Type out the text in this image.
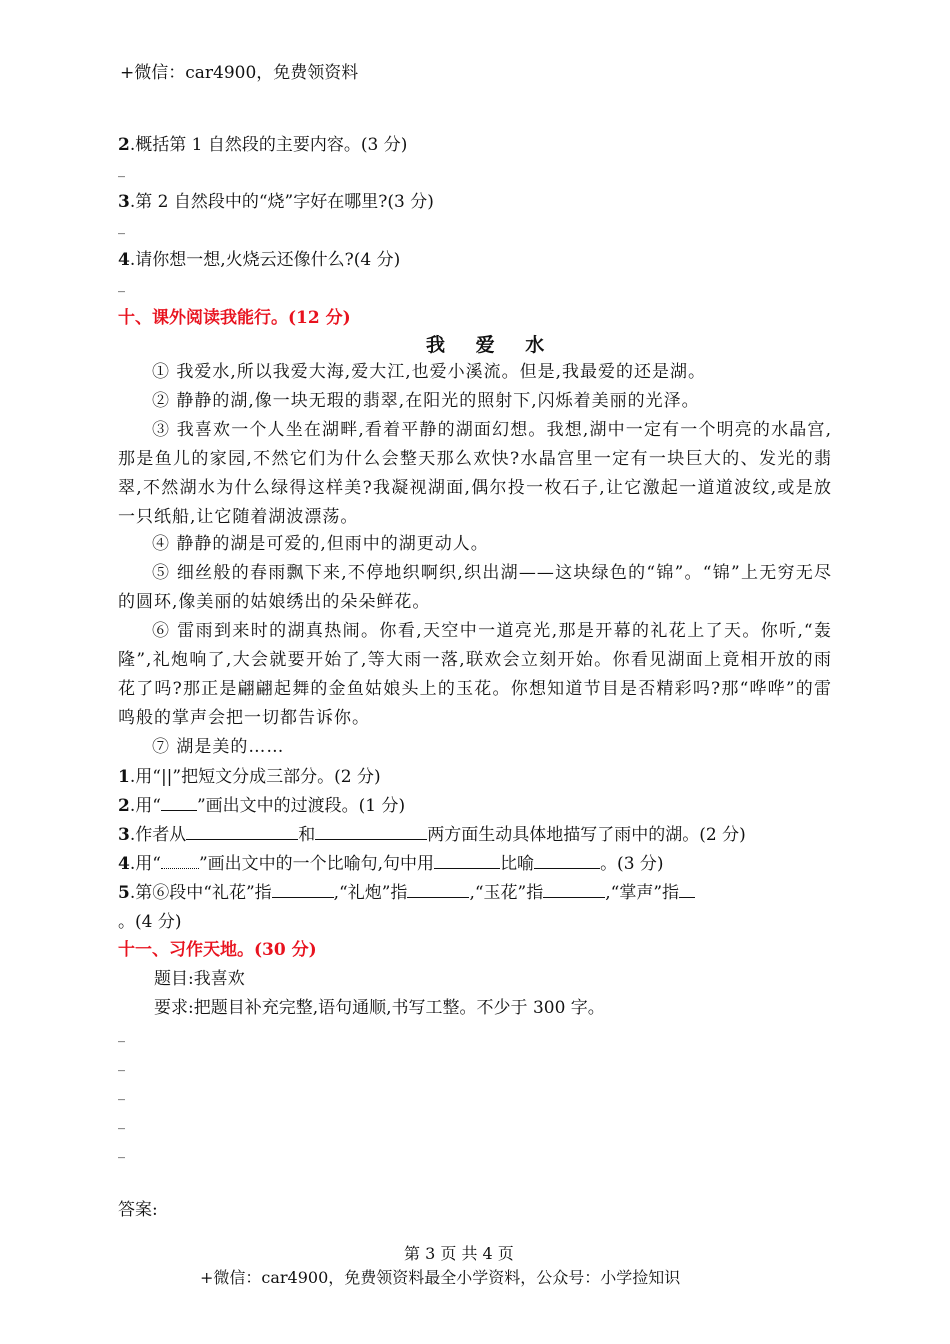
+微信：car4900，免费领资料
2.概括第 1 自然段的主要内容。(3 分)
_
3.第 2 自然段中的“烧”字好在哪里?(3 分)
_
4.请你想一想,火烧云还像什么?(4 分)
_
十、课外阅读我能行。(12 分)
我 爱 水
① 我爱水,所以我爱大海,爱大江,也爱小溪流。但是,我最爱的还是湖。
② 静静的湖,像一块无瑕的翡翠,在阳光的照射下,闪烁着美丽的光泽。
③ 我喜欢一个人坐在湖畔,看着平静的湖面幻想。我想,湖中一定有一个明亮的水晶宫,那是鱼儿的家园,不然它们为什么会整天那么欢快?水晶宫里一定有一块巨大的、发光的翡翠,不然湖水为什么绿得这样美?我凝视湖面,偶尔投一枚石子,让它激起一道道波纹,或是放一只纸船,让它随着湖波漂荡。
④ 静静的湖是可爱的,但雨中的湖更动人。
⑤ 细丝般的春雨飘下来,不停地织啊织,织出湖——这块绿色的“锦”。“锦”上无穷无尽的圆环,像美丽的姑娘绣出的朵朵鲜花。
⑥ 雷雨到来时的湖真热闹。你看,天空中一道亮光,那是开幕的礼花上了天。你听,“轰隆”,礼炮响了,大会就要开始了,等大雨一落,联欢会立刻开始。你看见湖面上竟相开放的雨花了吗?那正是翩翩起舞的金鱼姑娘头上的玉花。你想知道节目是否精彩吗?那“哗哗”的雷鸣般的掌声会把一切都告诉你。
⑦ 湖是美的……
1.用“||”把短文分成三部分。(2 分)
2.用“ ”画出文中的过渡段。(1 分)
3.作者从	和	两方面生动具体地描写了雨中的湖。(2 分)
4.用“ ”画出文中的一个比喻句,句中用	比喻	。(3 分)
5.第⑥段中“礼花”指	,“礼炮”指	,“玉花”指	,“掌声”指
。(4 分)
十一、习作天地。(30 分)
题目:我喜欢
要求:把题目补充完整,语句通顺,书写工整。不少于 300 字。
_
_
_
_
_
答案:
第 3 页 共 4 页
+微信：car4900，免费领资料最全小学资料，公众号：小学捡知识
